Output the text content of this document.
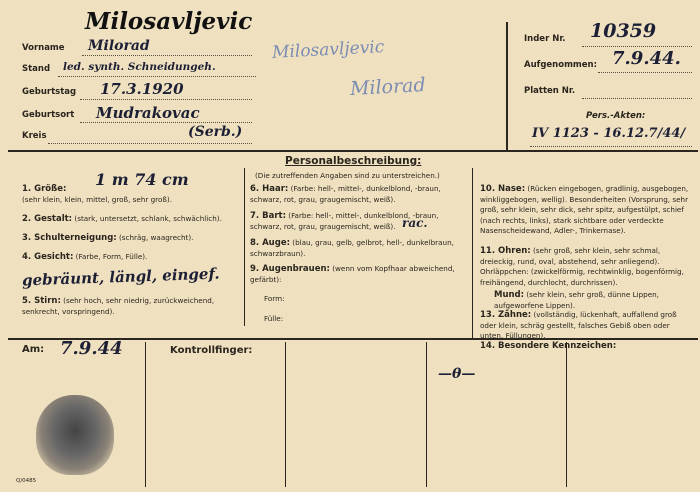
Milosavljevic
Vorname Milorad
Stand led. synth. Schneidungeh.
Geburtstag 17.3.1920
Geburtsort Mudrakovac
Kreis	(Serb.)
Milosavljevic
Milorad
Inder Nr. 10359
Aufgenommen: 7.9.44.
Platten Nr.
Pers.-Akten:
IV 1123 - 16.12.7/44/
Personalbeschreibung:
(Die zutreffenden Angaben sind zu unterstreichen.)
1. Größe:
(sehr klein, klein, mittel, groß, sehr groß).
1 m 74 cm
2. Gestalt: (stark, untersetzt, schlank, schwächlich).
3. Schulterneigung: (schräg, waagrecht).
4. Gesicht: (Farbe, Form, Fülle).
gebräunt, längl, eingef.
5. Stirn: (sehr hoch, sehr niedrig, zurückweichend, senkrecht, vorspringend).
6. Haar: (Farbe: hell-, mittel-, dunkelblond, -braun, schwarz, rot, grau, graugemischt, weiß).
7. Bart: (Farbe: hell-, mittel-, dunkelblond, -braun, schwarz, rot, grau, graugemischt, weiß). rас.
8. Auge: (blau, grau, gelb, gelbrot, hell-, dunkelbraun, schwarzbraun).
9. Augenbrauen: (wenn vom Kopfhaar abweichend, gefärbt):
Form:
Fülle:
10. Nase: (Rücken eingebogen, gradlinig, ausgebogen, winkliggebogen, wellig). Besonderheiten (Vorsprung, sehr groß, sehr klein, sehr dick, sehr spitz, aufgestülpt, schief (nach rechts, links), stark sichtbare oder verdeckte Nasenscheidewand, Adler-, Trinkernase).
11. Ohren: (sehr groß, sehr klein, sehr schmal, dreieckig, rund, oval, abstehend, sehr anliegend). Ohrläppchen: (zwickelförmig, rechtwinklig, bogenförmig, freihängend, durchlocht, durchrissen).
Mund: (sehr klein, sehr groß, dünne Lippen, aufgeworfene Lippen).
13. Zähne: (vollständig, lückenhaft, auffallend groß oder klein, schräg gestellt, falsches Gebiß oben oder unten, Füllungen).
14. Besondere Kennzeichen:
Am: 7.9.44	Kontrollfinger:
—θ—
Q/0485
